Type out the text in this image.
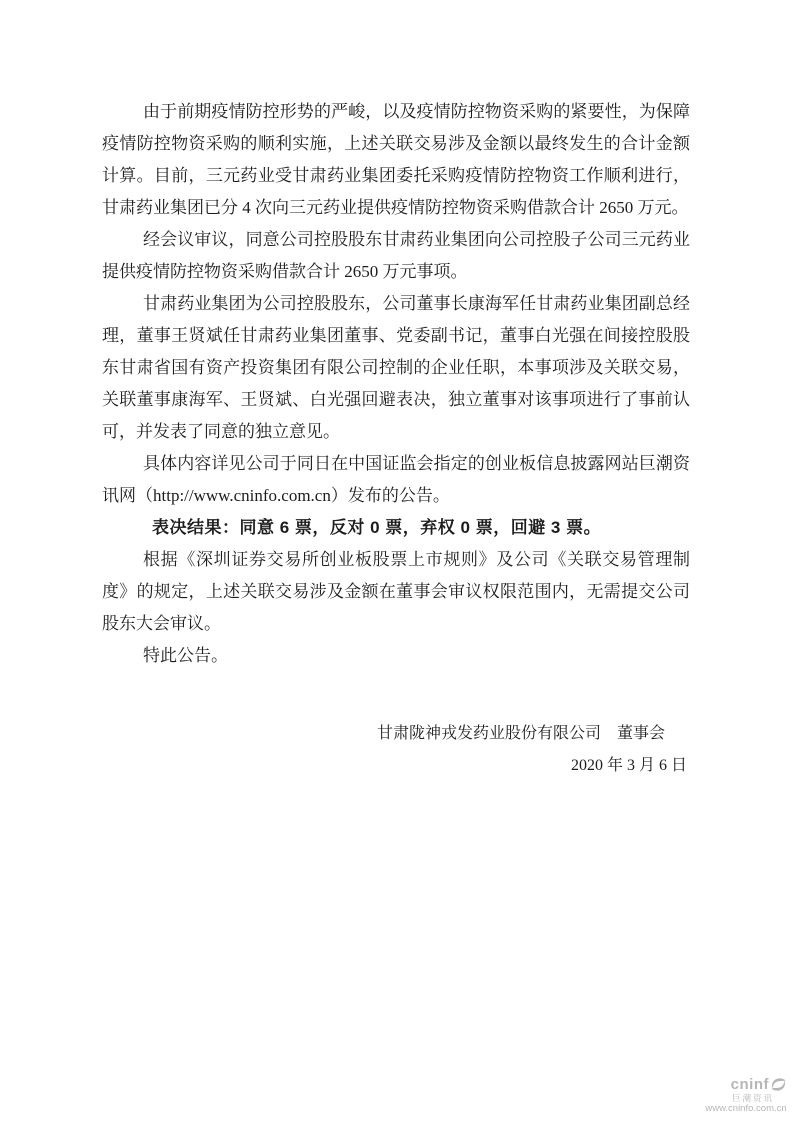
由于前期疫情防控形势的严峻，以及疫情防控物资采购的紧要性，为保障疫情防控物资采购的顺利实施，上述关联交易涉及金额以最终发生的合计金额计算。目前，三元药业受甘肃药业集团委托采购疫情防控物资工作顺利进行，甘肃药业集团已分 4 次向三元药业提供疫情防控物资采购借款合计 2650 万元。

经会议审议，同意公司控股股东甘肃药业集团向公司控股子公司三元药业提供疫情防控物资采购借款合计 2650 万元事项。

甘肃药业集团为公司控股股东，公司董事长康海军任甘肃药业集团副总经理，董事王贤斌任甘肃药业集团董事、党委副书记，董事白光强在间接控股股东甘肃省国有资产投资集团有限公司控制的企业任职，本事项涉及关联交易，关联董事康海军、王贤斌、白光强回避表决，独立董事对该事项进行了事前认可，并发表了同意的独立意见。

具体内容详见公司于同日在中国证监会指定的创业板信息披露网站巨潮资讯网（http://www.cninfo.com.cn）发布的公告。

表决结果：同意 6 票，反对 0 票，弃权 0 票，回避 3 票。

根据《深圳证券交易所创业板股票上市规则》及公司《关联交易管理制度》的规定，上述关联交易涉及金额在董事会审议权限范围内，无需提交公司股东大会审议。

特此公告。

甘肃陇神戎发药业股份有限公司　董事会
2020 年 3 月 6 日
cninf
巨潮资讯
www.cninfo.com.cn
